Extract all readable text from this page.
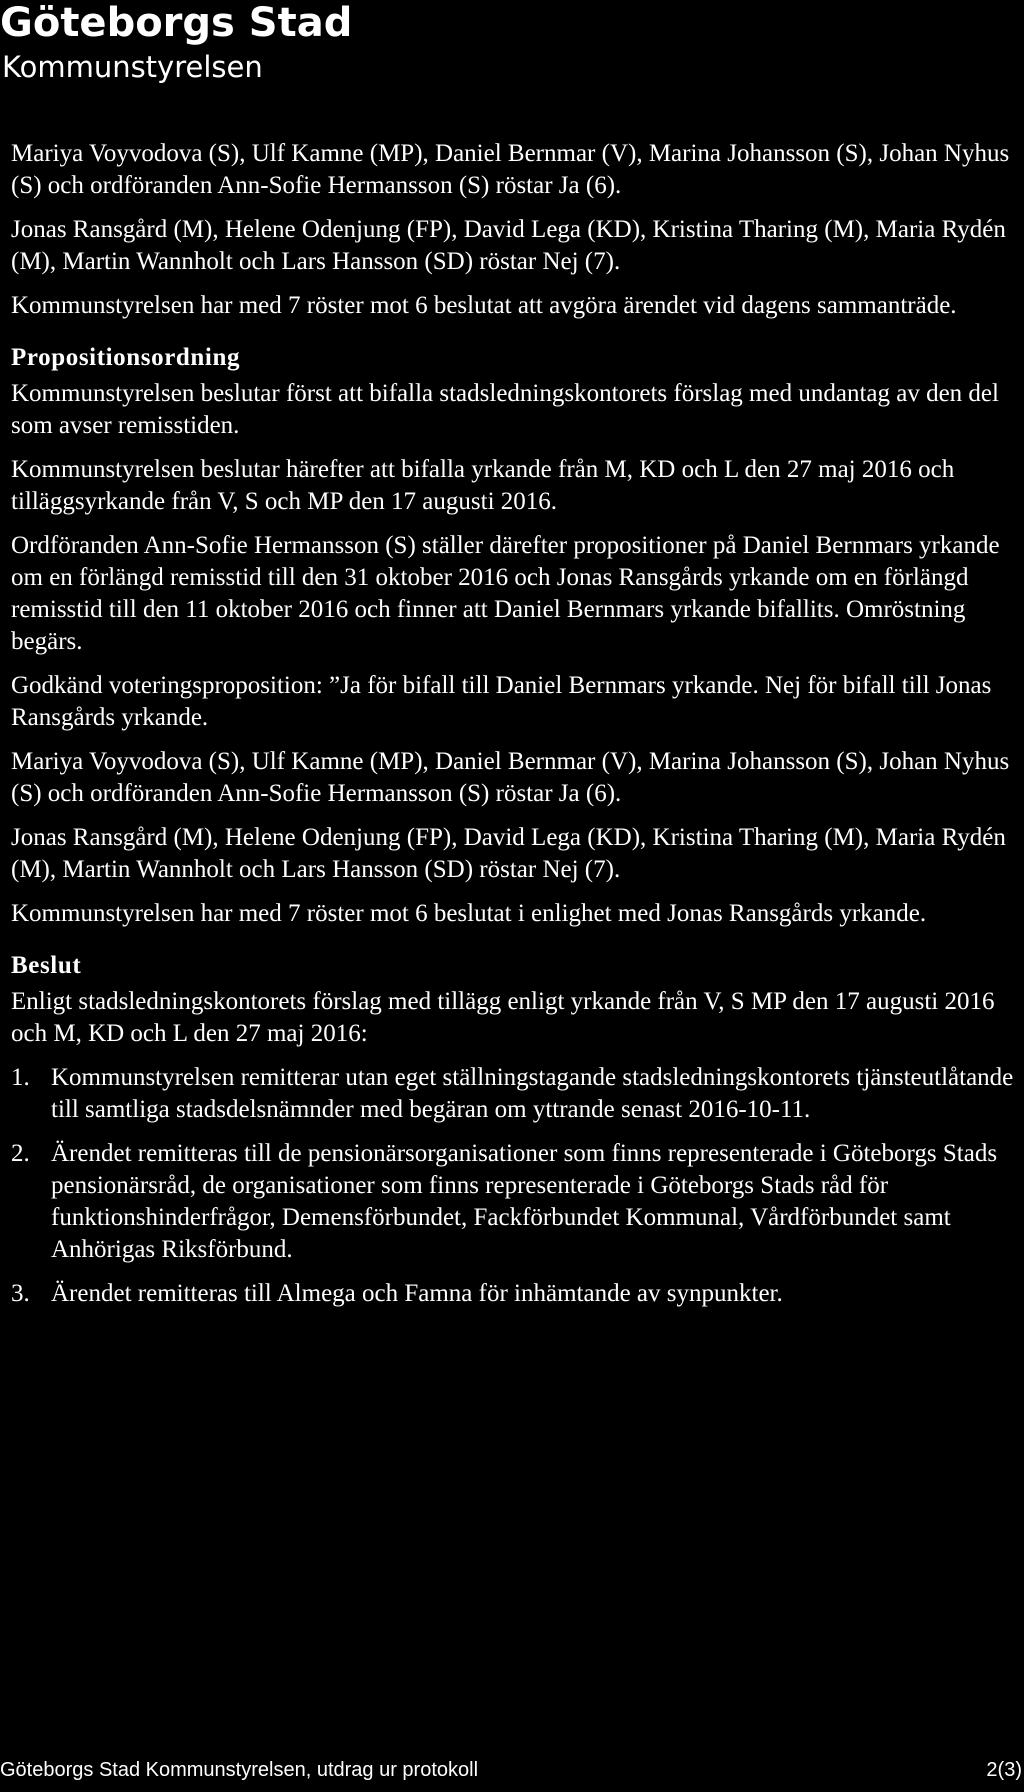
Göteborgs Stad
Kommunstyrelsen

Mariya Voyvodova (S), Ulf Kamne (MP), Daniel Bernmar (V), Marina Johansson (S), Johan Nyhus (S) och ordföranden Ann-Sofie Hermansson (S) röstar Ja (6).

Jonas Ransgård (M), Helene Odenjung (FP), David Lega (KD), Kristina Tharing (M), Maria Rydén (M), Martin Wannholt och Lars Hansson (SD) röstar Nej (7).

Kommunstyrelsen har med 7 röster mot 6 beslutat att avgöra ärendet vid dagens sammanträde.

Propositionsordning

Kommunstyrelsen beslutar först att bifalla stadsledningskontorets förslag med undantag av den del som avser remisstiden.

Kommunstyrelsen beslutar härefter att bifalla yrkande från M, KD och L den 27 maj 2016 och tilläggsyrkande från V, S och MP den 17 augusti 2016.

Ordföranden Ann-Sofie Hermansson (S) ställer därefter propositioner på Daniel Bernmars yrkande om en förlängd remisstid till den 31 oktober 2016 och Jonas Ransgårds yrkande om en förlängd remisstid till den 11 oktober 2016 och finner att Daniel Bernmars yrkande bifallits. Omröstning begärs.

Godkänd voteringsproposition: ”Ja för bifall till Daniel Bernmars yrkande. Nej för bifall till Jonas Ransgårds yrkande.

Mariya Voyvodova (S), Ulf Kamne (MP), Daniel Bernmar (V), Marina Johansson (S), Johan Nyhus (S) och ordföranden Ann-Sofie Hermansson (S) röstar Ja (6).

Jonas Ransgård (M), Helene Odenjung (FP), David Lega (KD), Kristina Tharing (M), Maria Rydén (M), Martin Wannholt och Lars Hansson (SD) röstar Nej (7).

Kommunstyrelsen har med 7 röster mot 6 beslutat i enlighet med Jonas Ransgårds yrkande.

Beslut

Enligt stadsledningskontorets förslag med tillägg enligt yrkande från V, S MP den 17 augusti 2016 och M, KD och L den 27 maj 2016:

1. Kommunstyrelsen remitterar utan eget ställningstagande stadsledningskontorets tjänsteutlåtande till samtliga stadsdelsnämnder med begäran om yttrande senast 2016-10-11.
2. Ärendet remitteras till de pensionärsorganisationer som finns representerade i Göteborgs Stads pensionärsråd, de organisationer som finns representerade i Göteborgs Stads råd för funktionshinderfrågor, Demensförbundet, Fackförbundet Kommunal, Vårdförbundet samt Anhörigas Riksförbund.
3. Ärendet remitteras till Almega och Famna för inhämtande av synpunkter.
Göteborgs Stad Kommunstyrelsen, utdrag ur protokoll	2(3)
